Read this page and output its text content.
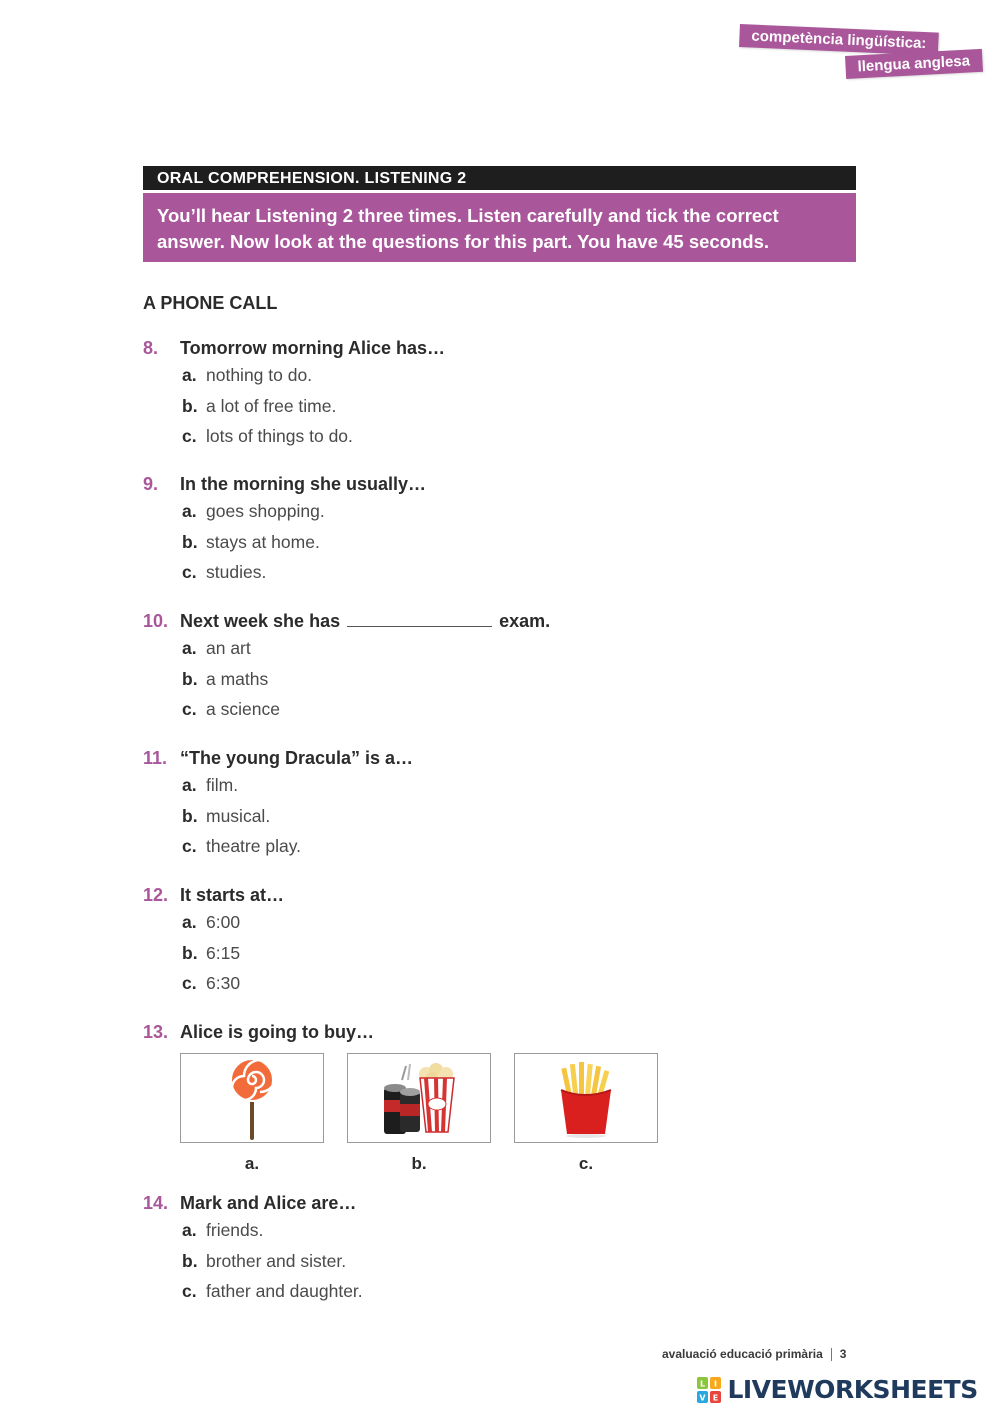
competència lingüística:
llengua anglesa
ORAL COMPREHENSION. LISTENING 2
You’ll hear Listening 2 three times. Listen carefully and tick the correct answer. Now look at the questions for this part. You have 45 seconds.
A PHONE CALL
8. Tomorrow morning Alice has…
a. nothing to do.
b. a lot of free time.
c. lots of things to do.
9. In the morning she usually…
a. goes shopping.
b. stays at home.
c. studies.
10. Next week she has	exam.
a. an art
b. a maths
c. a science
11. “The young Dracula” is a…
a. film.
b. musical.
c. theatre play.
12. It starts at…
a. 6:00
b. 6:15
c. 6:30
13. Alice is going to buy…
a.	b.	c.
14. Mark and Alice are…
a. friends.
b. brother and sister.
c. father and daughter.
avaluació educació primària 3
L I
V E LIVEWORKSHEETS
